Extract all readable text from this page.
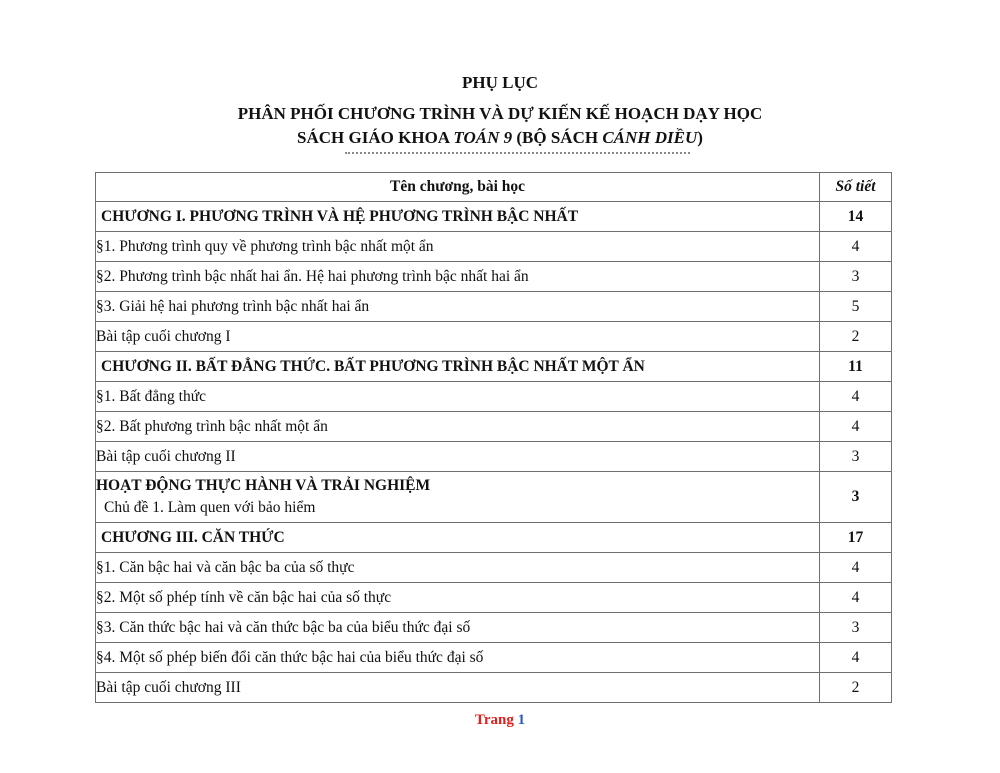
PHỤ LỤC
PHÂN PHỐI CHƯƠNG TRÌNH VÀ DỰ KIẾN KẾ HOẠCH DẠY HỌC
SÁCH GIÁO KHOA TOÁN 9 (BỘ SÁCH CÁNH DIỀU)
Tên chương, bài học	Số tiết
CHƯƠNG I. PHƯƠNG TRÌNH VÀ HỆ PHƯƠNG TRÌNH BẬC NHẤT	14
§1. Phương trình quy về phương trình bậc nhất một ẩn	4
§2. Phương trình bậc nhất hai ẩn. Hệ hai phương trình bậc nhất hai ẩn	3
§3. Giải hệ hai phương trình bậc nhất hai ẩn	5
Bài tập cuối chương I	2
CHƯƠNG II. BẤT ĐẲNG THỨC. BẤT PHƯƠNG TRÌNH BẬC NHẤT MỘT ẨN	11
§1. Bất đẳng thức	4
§2. Bất phương trình bậc nhất một ẩn	4
Bài tập cuối chương II	3
HOẠT ĐỘNG THỰC HÀNH VÀ TRẢI NGHIỆM
Chủ đề 1. Làm quen với bảo hiểm	3
CHƯƠNG III. CĂN THỨC	17
§1. Căn bậc hai và căn bậc ba của số thực	4
§2. Một số phép tính về căn bậc hai của số thực	4
§3. Căn thức bậc hai và căn thức bậc ba của biểu thức đại số	3
§4. Một số phép biến đổi căn thức bậc hai của biểu thức đại số	4
Bài tập cuối chương III	2
Trang 1
